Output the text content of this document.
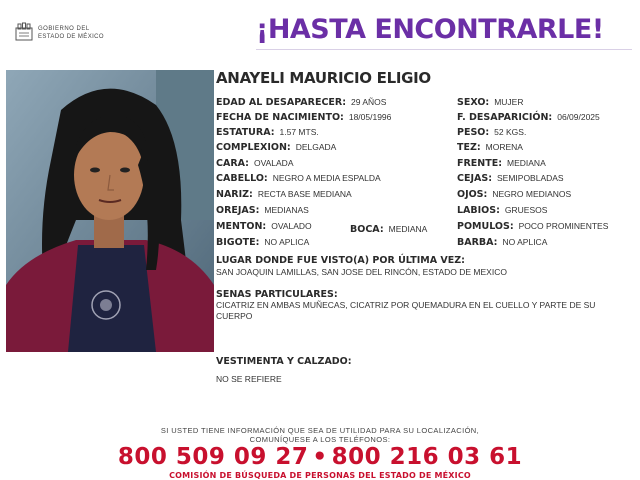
GOBIERNO DEL
ESTADO DE MÉXICO	¡HASTA ENCONTRARLE!
ANAYELI MAURICIO ELIGIO
EDAD AL DESAPARECER: 29 AÑOS
FECHA DE NACIMIENTO: 18/05/1996
ESTATURA: 1.57 MTS.
COMPLEXION: DELGADA
CARA: OVALADA
CABELLO: NEGRO A MEDIA ESPALDA
NARIZ: RECTA BASE MEDIANA
OREJAS: MEDIANAS
MENTON: OVALADO	BOCA: MEDIANA
BIGOTE: NO APLICA
SEXO: MUJER
F. DESAPARICIÓN: 06/09/2025
PESO: 52 KGS.
TEZ: MORENA
FRENTE: MEDIANA
CEJAS: SEMIPOBLADAS
OJOS: NEGRO MEDIANOS
LABIOS: GRUESOS
POMULOS: POCO PROMINENTES
BARBA: NO APLICA
LUGAR DONDE FUE VISTO(A) POR ÚLTIMA VEZ:
SAN JOAQUIN LAMILLAS, SAN JOSE DEL RINCÓN, ESTADO DE MEXICO
SENAS PARTICULARES:
CICATRIZ EN AMBAS MUÑECAS, CICATRIZ POR QUEMADURA EN EL CUELLO Y PARTE DE SU CUERPO
VESTIMENTA Y CALZADO:
NO SE REFIERE
SI USTED TIENE INFORMACIÓN QUE SEA DE UTILIDAD PARA SU LOCALIZACIÓN,
COMUNÍQUESE A LOS TELÉFONOS:
800 509 09 27 • 800 216 03 61
COMISIÓN DE BÚSQUEDA DE PERSONAS DEL ESTADO DE MÉXICO
